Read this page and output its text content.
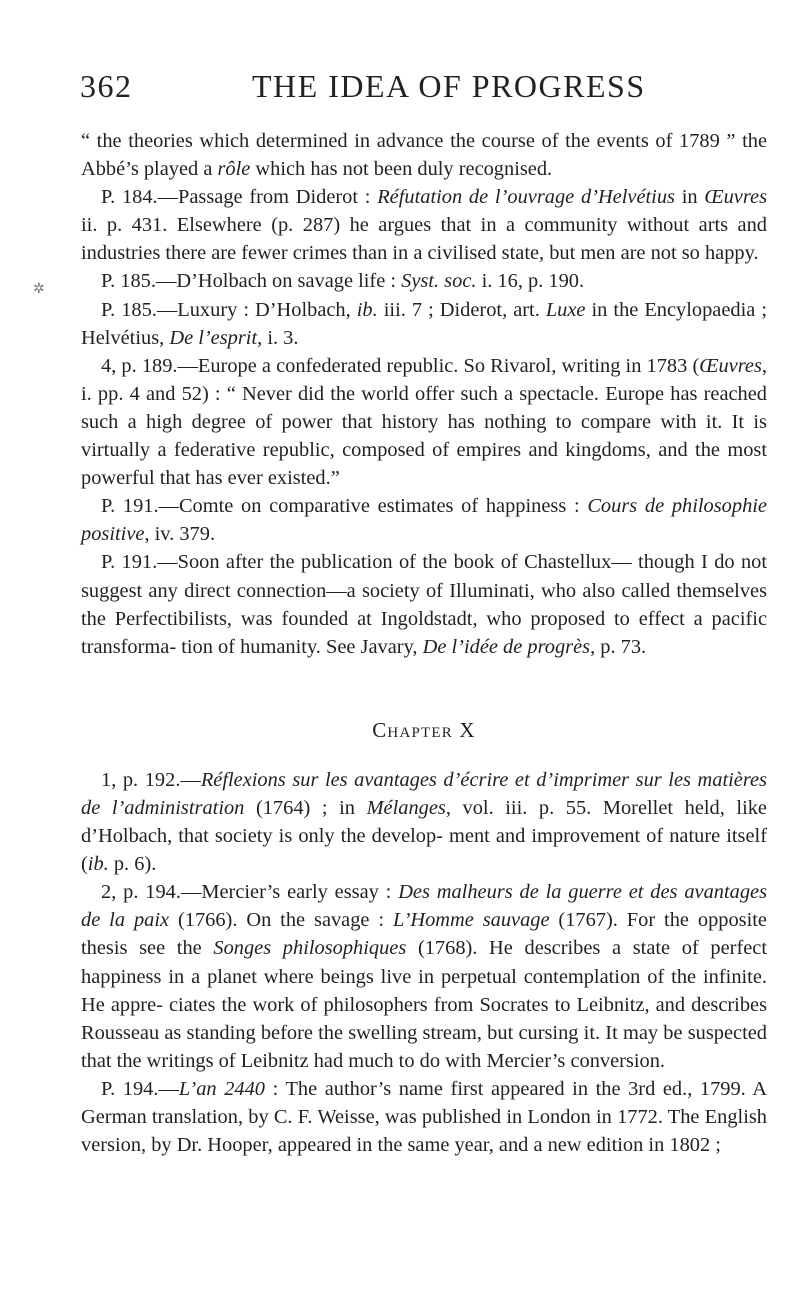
362	THE IDEA OF PROGRESS
✲

“ the theories which determined in advance the course of the events of 1789 ” the Abbé’s played a rôle which has not been duly recognised.

P. 184.—Passage from Diderot : Réfutation de l’ouvrage d’Helvétius in Œuvres ii. p. 431. Elsewhere (p. 287) he argues that in a community without arts and industries there are fewer crimes than in a civilised state, but men are not so happy.

P. 185.—D’Holbach on savage life : Syst. soc. i. 16, p. 190.

P. 185.—Luxury : D’Holbach, ib. iii. 7 ; Diderot, art. Luxe in the Encylopaedia ; Helvétius, De l’esprit, i. 3.

4, p. 189.—Europe a confederated republic. So Rivarol, writing in 1783 (Œuvres, i. pp. 4 and 52) : “ Never did the world offer such a spectacle. Europe has reached such a high degree of power that history has nothing to compare with it. It is virtually a federative republic, composed of empires and kingdoms, and the most powerful that has ever existed.”

P. 191.—Comte on comparative estimates of happiness : Cours de philosophie positive, iv. 379.

P. 191.—Soon after the publication of the book of Chastellux— though I do not suggest any direct connection—a society of Illuminati, who also called themselves the Perfectibilists, was founded at Ingoldstadt, who proposed to effect a pacific transforma- tion of humanity. See Javary, De l’idée de progrès, p. 73.

Chapter X

1, p. 192.—Réflexions sur les avantages d’écrire et d’imprimer sur les matières de l’administration (1764) ; in Mélanges, vol. iii. p. 55. Morellet held, like d’Holbach, that society is only the develop- ment and improvement of nature itself (ib. p. 6).

2, p. 194.—Mercier’s early essay : Des malheurs de la guerre et des avantages de la paix (1766). On the savage : L’Homme sauvage (1767). For the opposite thesis see the Songes philosophiques (1768). He describes a state of perfect happiness in a planet where beings live in perpetual contemplation of the infinite. He appre- ciates the work of philosophers from Socrates to Leibnitz, and describes Rousseau as standing before the swelling stream, but cursing it. It may be suspected that the writings of Leibnitz had much to do with Mercier’s conversion.

P. 194.—L’an 2440 : The author’s name first appeared in the 3rd ed., 1799. A German translation, by C. F. Weisse, was published in London in 1772. The English version, by Dr. Hooper, appeared in the same year, and a new edition in 1802 ;
